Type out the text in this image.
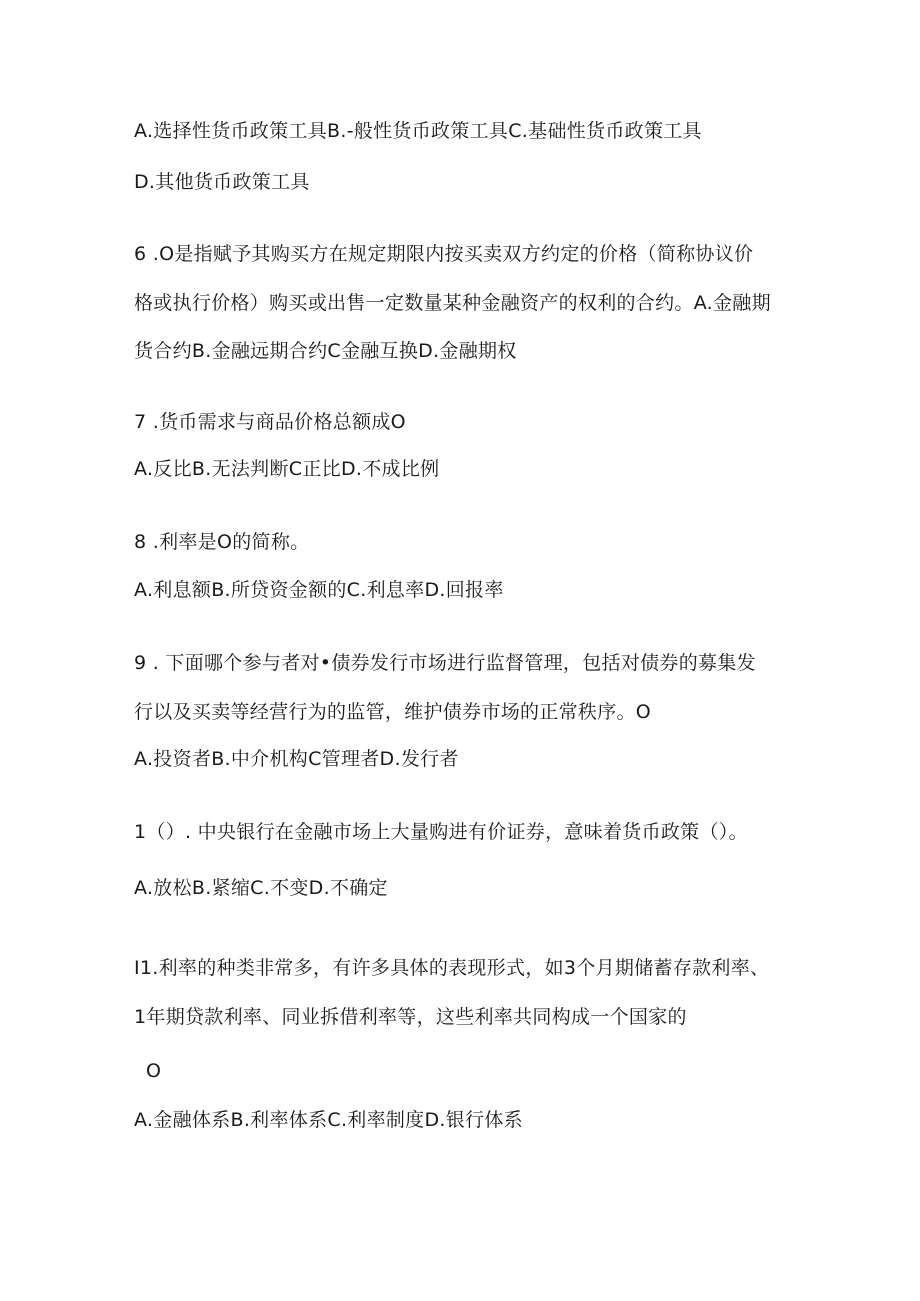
A.选择性货币政策工具B.-般性货币政策工具C.基础性货币政策工具
D.其他货币政策工具
6 .O是指赋予其购买方在规定期限内按买卖双方约定的价格（简称协议价
格或执行价格）购买或出售一定数量某种金融资产的权利的合约。A.金融期
货合约B.金融远期合约C金融互换D.金融期权
7 .货币需求与商品价格总额成O
A.反比B.无法判断C正比D.不成比例
8 .利率是O的简称。
A.利息额B.所贷资金额的C.利息率D.回报率
9 . 下面哪个参与者对•债券发行市场进行监督管理，包括对债券的募集发
行以及买卖等经营行为的监管，维护债券市场的正常秩序。O
A.投资者B.中介机构C管理者D.发行者
1（）. 中央银行在金融市场上大量购进有价证券，意味着货币政策（）。
A.放松B.紧缩C.不变D.不确定
I1.利率的种类非常多，有许多具体的表现形式，如3个月期储蓄存款利率、
1年期贷款利率、同业拆借利率等，这些利率共同构成一个国家的
O
A.金融体系B.利率体系C.利率制度D.银行体系
